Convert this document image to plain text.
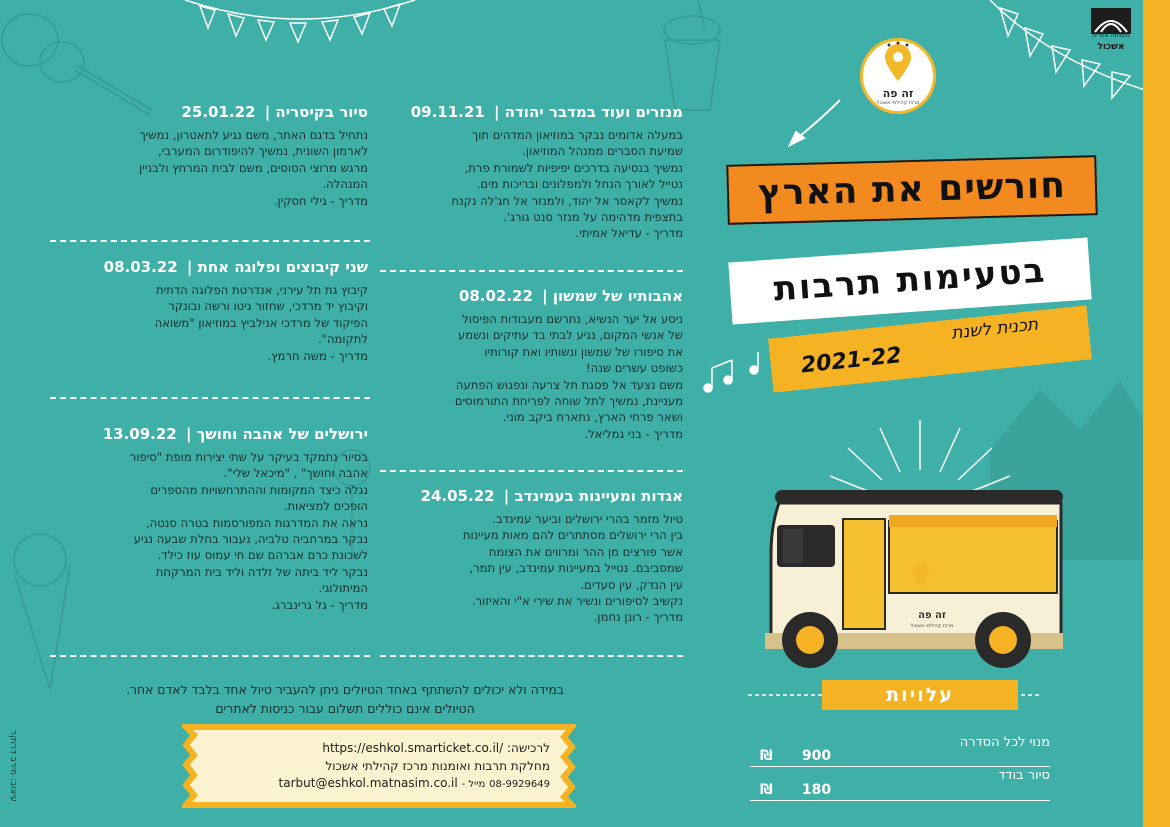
מעצמה אזורית
אשכול
זה פה
מרכז קהילתי אשכול
חורשים את הארץ
בטעימות תרבות
תכנית לשנת
2021-22
מנזרים ועוד במדבר יהודה | 09.11.21

במעלה אדומים נבקר במוזיאון המדהים תוך
שמיעת הסברים ממנהל המוזיאון.
נמשיך בנסיעה בדרכים יפיפיות לשמורת פרת,
נטייל לאורך הנחל ולמפלונים ובריכות מים.
נמשיך לקאסר אל יהוד, ולמנזר אל חג'לה נקנח
בתצפית מדהימה על מנזר סנט גורג'.
מדריך - עדיאל אמיתי.

אהבותיו של שמשון | 08.02.22

ניסע אל יער הנשיא, נתרשם מעבודות הפיסול
של אנשי המקום, נגיע לבתי בד עתיקים ונשמע
את סיפורו של שמשון ונשותיו ואת קורותיו
כשופט עשרים שנה!
משם נצעד אל פסגת תל צרעה ונפגוש הפתעה
מעניינת, נמשיך לתל שוחה לפריחת התורמוסים
ושאר פרחי הארץ, נתארח ביקב מוני.
מדריך - בני גמליאל.

אגדות ומעיינות בעמינדב | 24.05.22

טיול מזמר בהרי ירושלים וביער עמינדב.
בין הרי ירושלים מסתתרים להם מאות מעיינות
אשר פורצים מן ההר ומרווים את הצומח
שמסביבם. נטייל במעיינות עמינדב, עין תמר,
עין הנדק, עין סעדים.
נקשיב לסיפורים ונשיר את שירי א"י והאיזור.
מדריך - רונן נחמן.

סיור בקיסריה | 25.01.22

נתחיל בדגם האתר, משם נגיע לתאטרון, נמשיך
לארמון השונית, נמשיך להיפודרום המערבי,
מרגש מרוצי הסוסים, משם לבית המרחץ ולבניין
המנהלה.
מדריך - גילי חסקין.

שני קיבוצים ופלוגה אחת | 08.03.22

קיבוץ גת תל עירני, אנדרטת הפלוגה הדתית
וקיבוץ יד מרדכי, שחזור גיטו ורשה ובונקר
הפיקוד של מרדכי אנילביץ במוזיאון "משואה
לתקומה".
מדריך - משה חרמץ.

ירושלים של אהבה וחושך | 13.09.22

בסיור נתמקד בעיקר על שתי יצירות מופת "סיפור
אהבה וחושך" , "מיכאל שלי".
נגלה כיצד המקומות וההתרחשויות מהספרים
הופכים למציאות.
נראה את המדרגות המפורסמות בטרה סנטה,
נבקר במרחביה טלביה, נעבור בחלת שבעה נגיע
לשכונת כרם אברהם שם חי עמוס עוז כילד.
נבקר ליד ביתה של זלדה וליד בית המרקחת
המיתולוגי.
מדריך - גל גרינברג.

זה פה
מרכז קהילתי אשכול
עלויות
מנוי לכל הסדרה
₪ 900
סיור בודד
₪ 180
במידה ולא יכולים להשתתף באחד הטיולים ניתן להעביר טיול אחד בלבד לאדם אחר.
הטיולים אינם כוללים תשלום עבור כניסות לאתרים
לרכישה: https://eshkol.smarticket.co.il/
מחלקת תרבות ואומנות מרכז קהילתי אשכול
08-9929649 מייל - tarbut@eshkol.matnasim.co.il
עיצוב: מירב דרוקר
